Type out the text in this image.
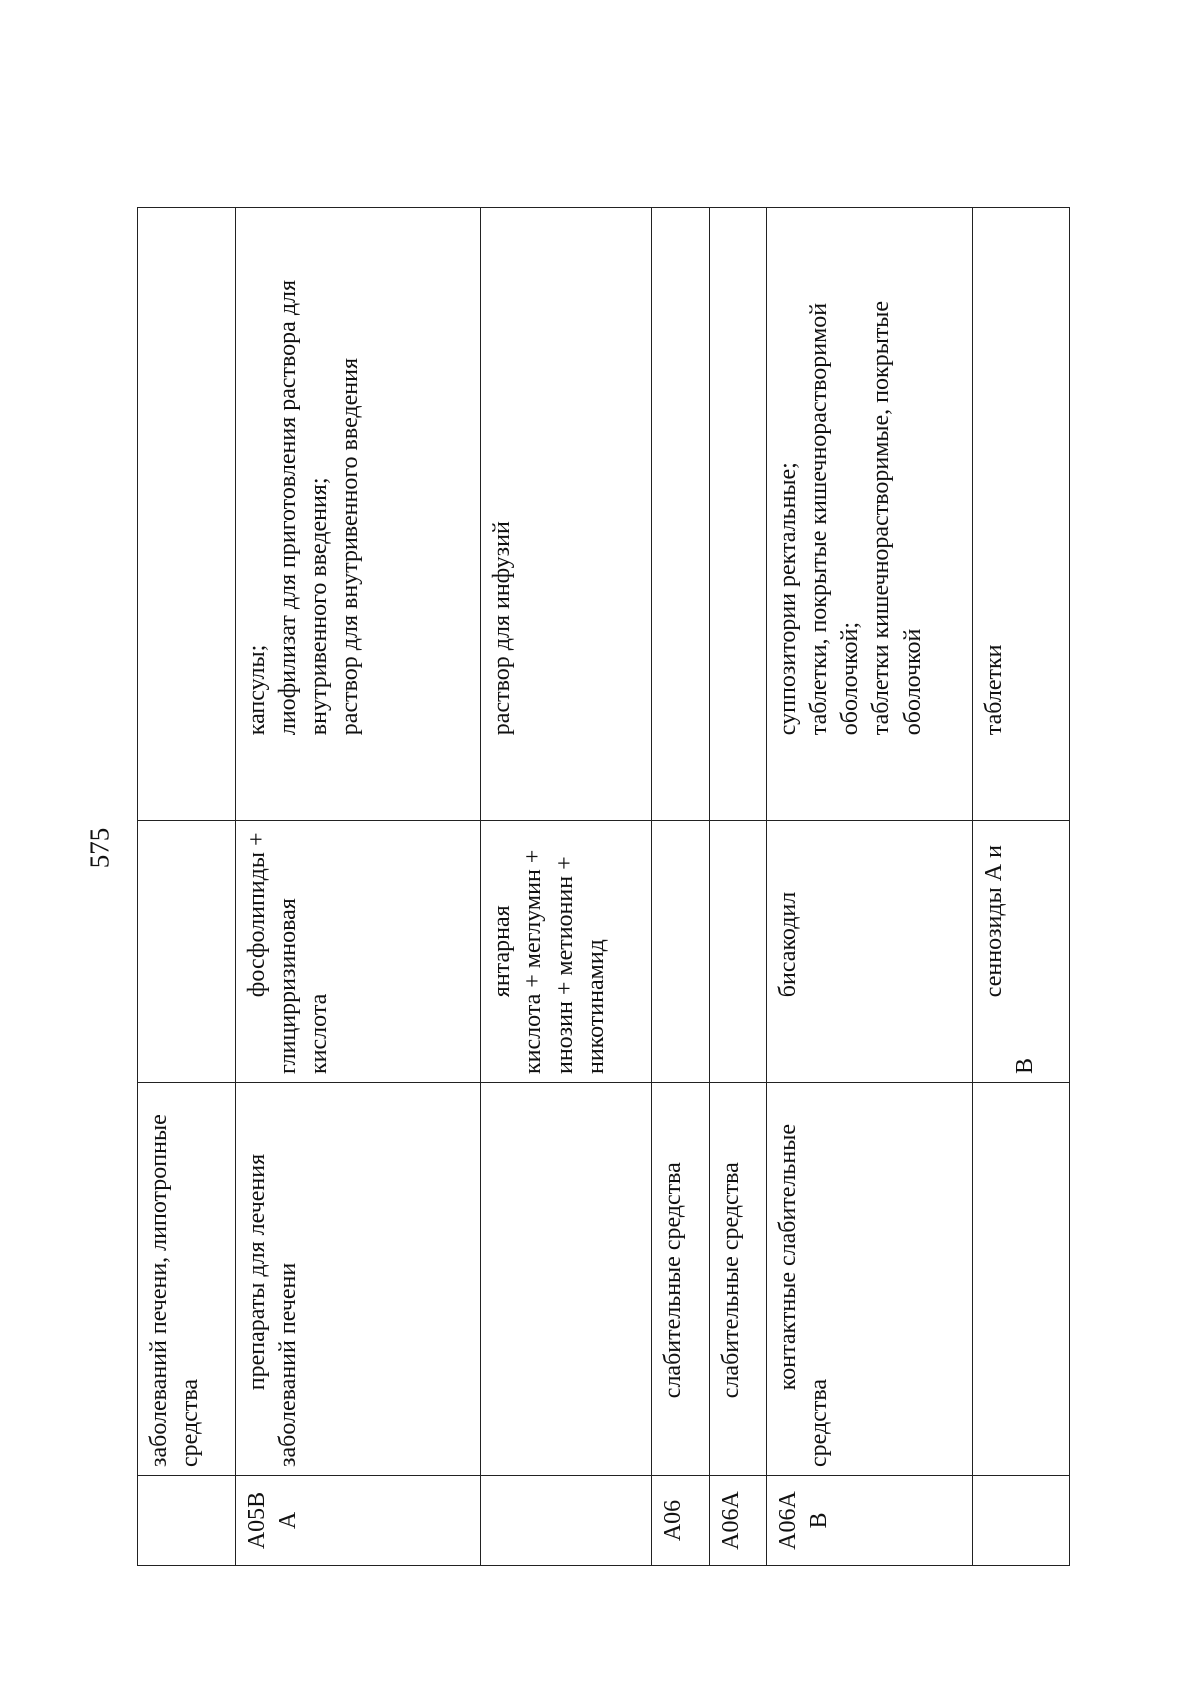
575
	заболеваний печени, липотропные средства		
A05B A	препараты для лечения заболеваний печени	фосфолипиды + глицирризиновая кислота	капсулы; лиофилизат для приготовления раствора для внутривенного введения; раствор для внутривенного введения

		янтарная кислота + меглумин + инозин + метионин + никотинамид	раствор для инфузий

A06	слабительные средства		
A06A	слабительные средства		
A06A B	контактные слабительные средства	бисакодил	суппозитории ректальные; таблетки, покрытые кишечнорастворимой оболочкой; таблетки кишечнорастворимые, покрытые оболочкой

		сеннозиды А и В	таблетки
